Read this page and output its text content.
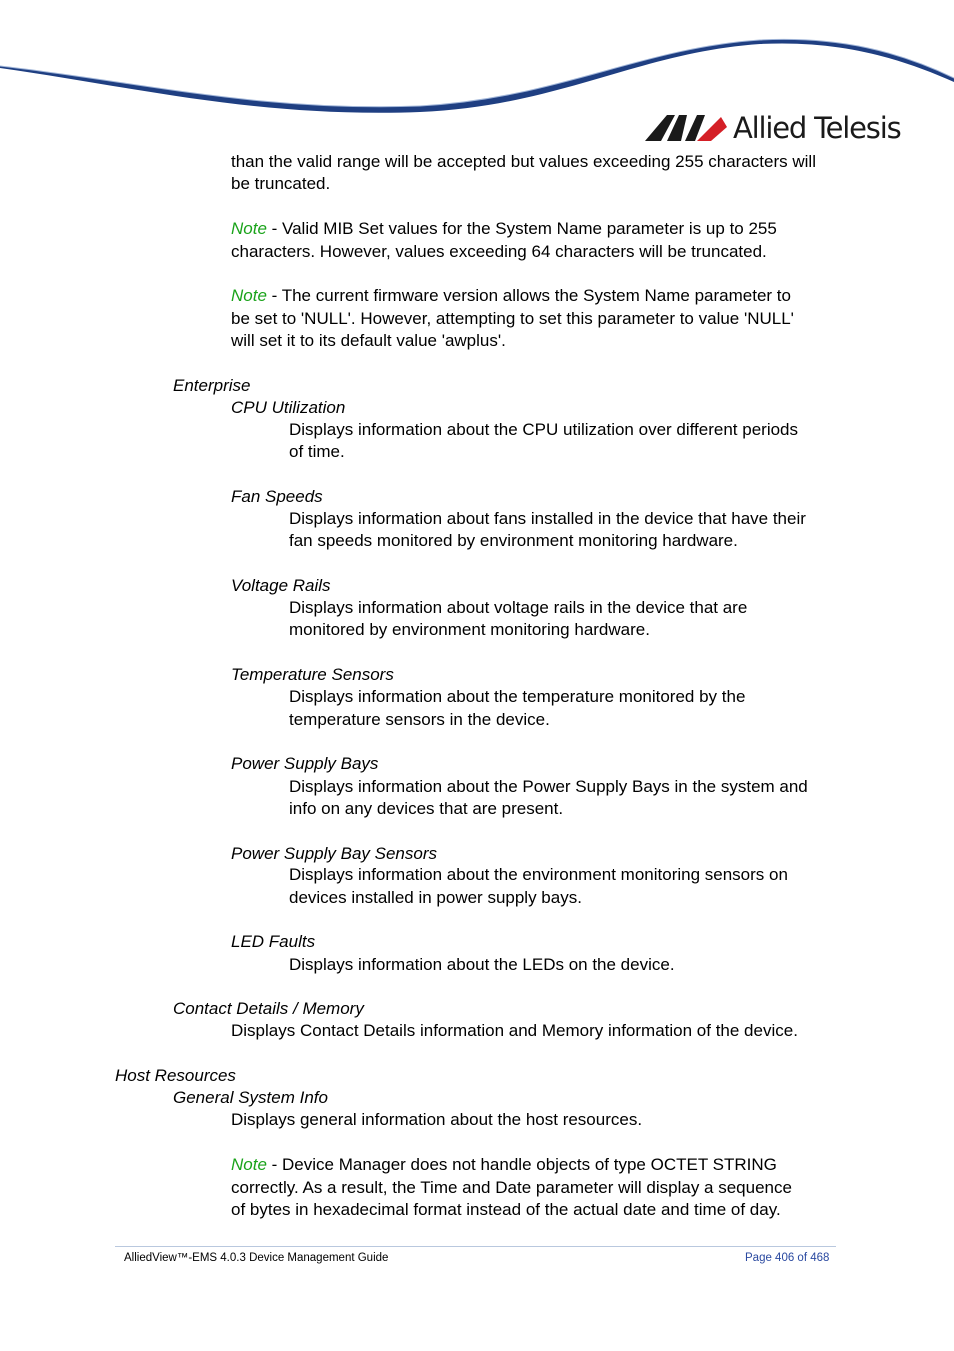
Allied Telesis
than the valid range will be accepted but values exceeding 255 characters will
be truncated.
Note - Valid MIB Set values for the System Name parameter is up to 255
characters. However, values exceeding 64 characters will be truncated.
Note - The current firmware version allows the System Name parameter to
be set to 'NULL'. However, attempting to set this parameter to value 'NULL'
will set it to its default value 'awplus'.
Enterprise
CPU Utilization
Displays information about the CPU utilization over different periods
of time.
Fan Speeds
Displays information about fans installed in the device that have their
fan speeds monitored by environment monitoring hardware.
Voltage Rails
Displays information about voltage rails in the device that are
monitored by environment monitoring hardware.
Temperature Sensors
Displays information about the temperature monitored by the
temperature sensors in the device.
Power Supply Bays
Displays information about the Power Supply Bays in the system and
info on any devices that are present.
Power Supply Bay Sensors
Displays information about the environment monitoring sensors on
devices installed in power supply bays.
LED Faults
Displays information about the LEDs on the device.
Contact Details / Memory
Displays Contact Details information and Memory information of the device.
Host Resources
General System Info
Displays general information about the host resources.
Note - Device Manager does not handle objects of type OCTET STRING
correctly. As a result, the Time and Date parameter will display a sequence
of bytes in hexadecimal format instead of the actual date and time of day.
AlliedView™-EMS 4.0.3 Device Management Guide	Page 406 of 468
